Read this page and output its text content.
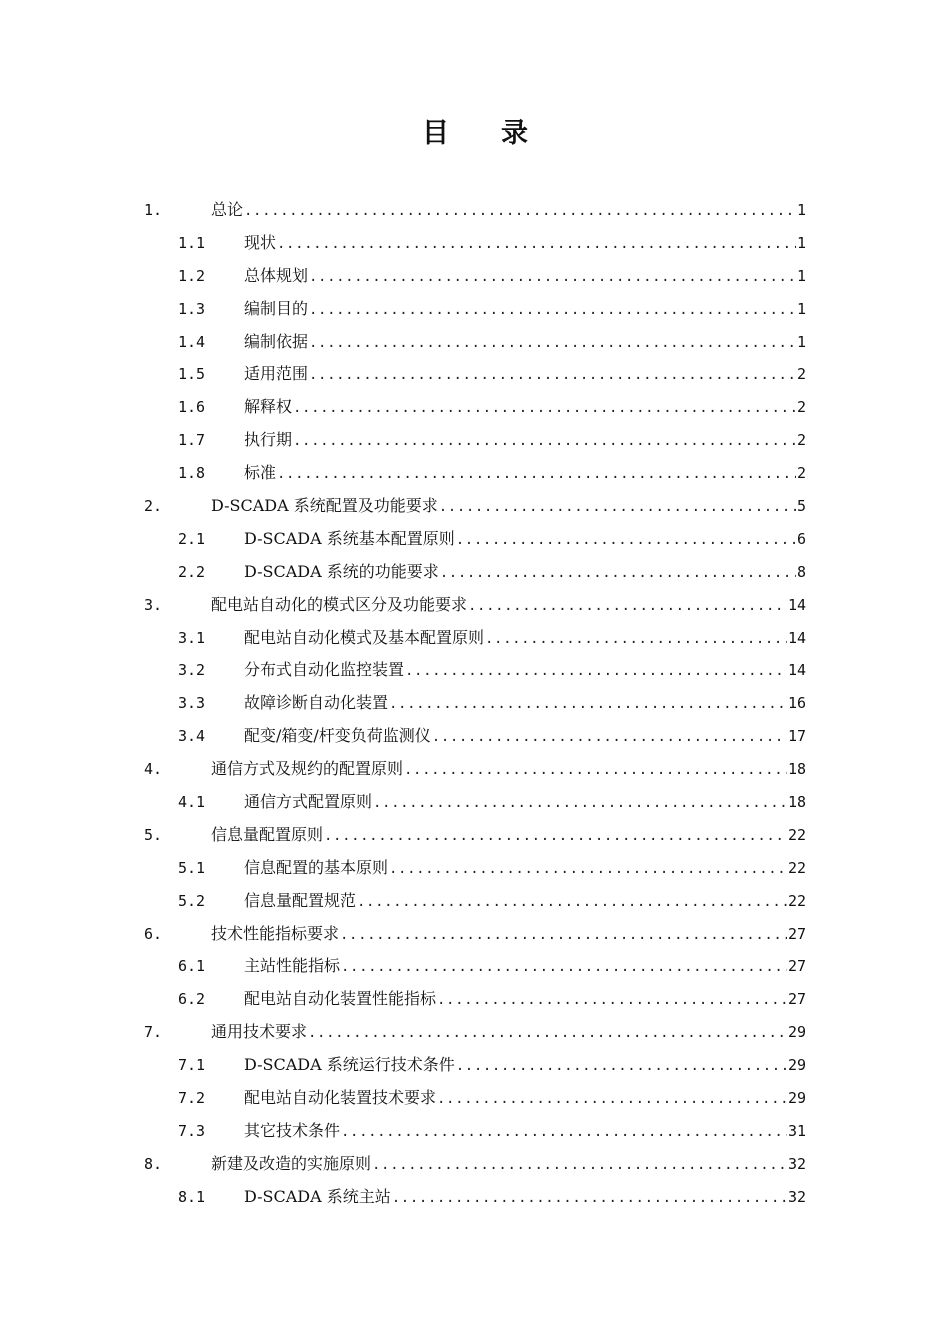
目 录
1.	总论 .....	1
1.1 现状 .....	1
1.2 总体规划 .....	1
1.3 编制目的 .....	1
1.4 编制依据 .....	1
1.5 适用范围 .....	2
1.6 解释权 .....	2
1.7 执行期 .....	2
1.8 标准 .....	2
2.	D-SCADA 系统配置及功能要求 .....	5
2.1 D-SCADA 系统基本配置原则 .....	6
2.2 D-SCADA 系统的功能要求 .....	8
3.	配电站自动化的模式区分及功能要求 .....	14
3.1 配电站自动化模式及基本配置原则 .....	14
3.2 分布式自动化监控装置 .....	14
3.3 故障诊断自动化装置 .....	16
3.4 配变/箱变/杆变负荷监测仪 .....	17
4.	通信方式及规约的配置原则 .....	18
4.1 通信方式配置原则 .....	18
5.	信息量配置原则 .....	22
5.1 信息配置的基本原则 .....	22
5.2 信息量配置规范 .....	22
6.	技术性能指标要求 .....	27
6.1 主站性能指标 .....	27
6.2 配电站自动化装置性能指标 .....	27
7.	通用技术要求 .....	29
7.1 D-SCADA 系统运行技术条件 .....	29
7.2 配电站自动化装置技术要求 .....	29
7.3 其它技术条件 .....	31
8.	新建及改造的实施原则 .....	32
8.1 D-SCADA 系统主站 .....	32
